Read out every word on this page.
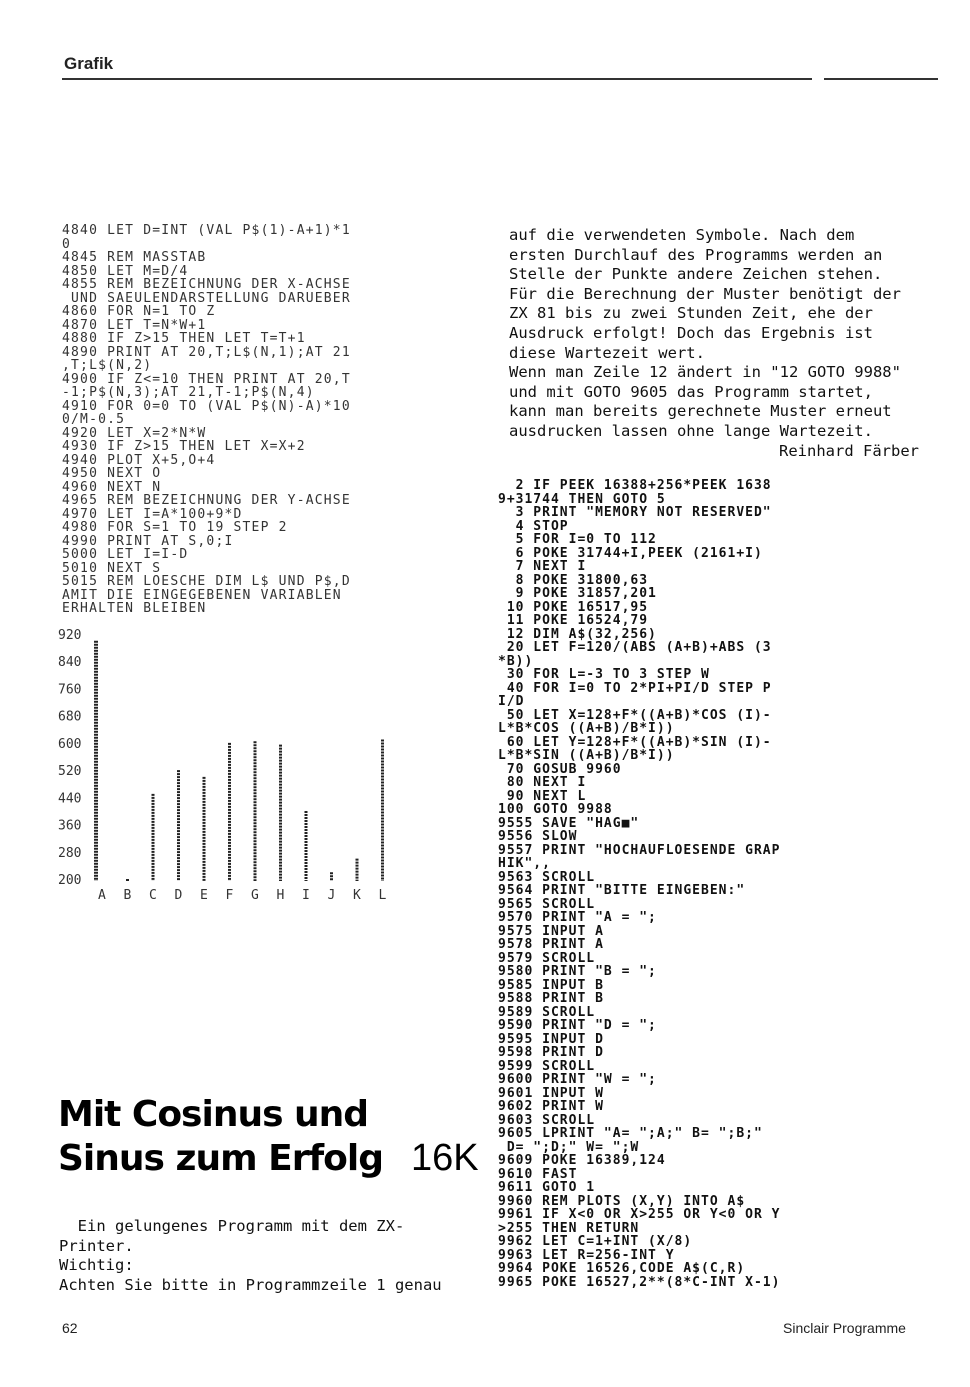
Grafik
4840 LET D=INT (VAL P$(1)-A+1)*1
0
4845 REM MASSTAB
4850 LET M=D/4
4855 REM BEZEICHNUNG DER X-ACHSE
UND SAEULENDARSTELLUNG DARUEBER
4860 FOR N=1 TO Z
4870 LET T=N*W+1
4880 IF Z>15 THEN LET T=T+1
4890 PRINT AT 20,T;L$(N,1);AT 21
,T;L$(N,2)
4900 IF Z<=10 THEN PRINT AT 20,T
-1;P$(N,3);AT 21,T-1;P$(N,4)
4910 FOR 0=0 TO (VAL P$(N)-A)*10
0/M-0.5
4920 LET X=2*N*W
4930 IF Z>15 THEN LET X=X+2
4940 PLOT X+5,O+4
4950 NEXT O
4960 NEXT N
4965 REM BEZEICHNUNG DER Y-ACHSE
4970 LET I=A*100+9*D
4980 FOR S=1 TO 19 STEP 2
4990 PRINT AT S,0;I
5000 LET I=I-D
5010 NEXT S
5015 REM LOESCHE DIM L$ UND P$,D
AMIT DIE EINGEGEBENEN VARIABLEN
ERHALTEN BLEIBEN
920
840
760
680
600
520
440
360
280
200
A B C D E F G H I J K L
auf die verwendeten Symbole. Nach dem
ersten Durchlauf des Programms werden an
Stelle der Punkte andere Zeichen stehen.
Für die Berechnung der Muster benötigt der
ZX 81 bis zu zwei Stunden Zeit, ehe der
Ausdruck erfolgt! Doch das Ergebnis ist
diese Wartezeit wert.
Wenn man Zeile 12 ändert in "12 GOTO 9988"
und mit GOTO 9605 das Programm startet,
kann man bereits gerechnete Muster erneut
ausdrucken lassen ohne lange Wartezeit.
Reinhard Färber
2 IF PEEK 16388+256*PEEK 1638
9+31744 THEN GOTO 5
3 PRINT "MEMORY NOT RESERVED"
4 STOP
5 FOR I=0 TO 112
6 POKE 31744+I,PEEK (2161+I)
7 NEXT I
8 POKE 31800,63
9 POKE 31857,201
10 POKE 16517,95
11 POKE 16524,79
12 DIM A$(32,256)
20 LET F=120/(ABS (A+B)+ABS (3
*B))
30 FOR L=-3 TO 3 STEP W
40 FOR I=0 TO 2*PI+PI/D STEP P
I/D
50 LET X=128+F*((A+B)*COS (I)-
L*B*COS ((A+B)/B*I))
60 LET Y=128+F*((A+B)*SIN (I)-
L*B*SIN ((A+B)/B*I))
70 GOSUB 9960
80 NEXT I
90 NEXT L
100 GOTO 9988
9555 SAVE "HAG■"
9556 SLOW
9557 PRINT "HOCHAUFLOESENDE GRAP
HIK",,
9563 SCROLL
9564 PRINT "BITTE EINGEBEN:"
9565 SCROLL
9570 PRINT "A = ";
9575 INPUT A
9578 PRINT A
9579 SCROLL
9580 PRINT "B = ";
9585 INPUT B
9588 PRINT B
9589 SCROLL
9590 PRINT "D = ";
9595 INPUT D
9598 PRINT D
9599 SCROLL
9600 PRINT "W = ";
9601 INPUT W
9602 PRINT W
9603 SCROLL
9605 LPRINT "A= ";A;" B= ";B;"
D= ";D;" W= ";W
9609 POKE 16389,124
9610 FAST
9611 GOTO 1
9960 REM PLOTS (X,Y) INTO A$
9961 IF X<0 OR X>255 OR Y<0 OR Y
>255 THEN RETURN
9962 LET C=1+INT (X/8)
9963 LET R=256-INT Y
9964 POKE 16526,CODE A$(C,R)
9965 POKE 16527,2**(8*C-INT X-1)
Mit Cosinus und
Sinus zum Erfolg 16K
Ein gelungenes Programm mit dem ZX-
Printer.
Wichtig:
Achten Sie bitte in Programmzeile 1 genau
62	Sinclair Programme
